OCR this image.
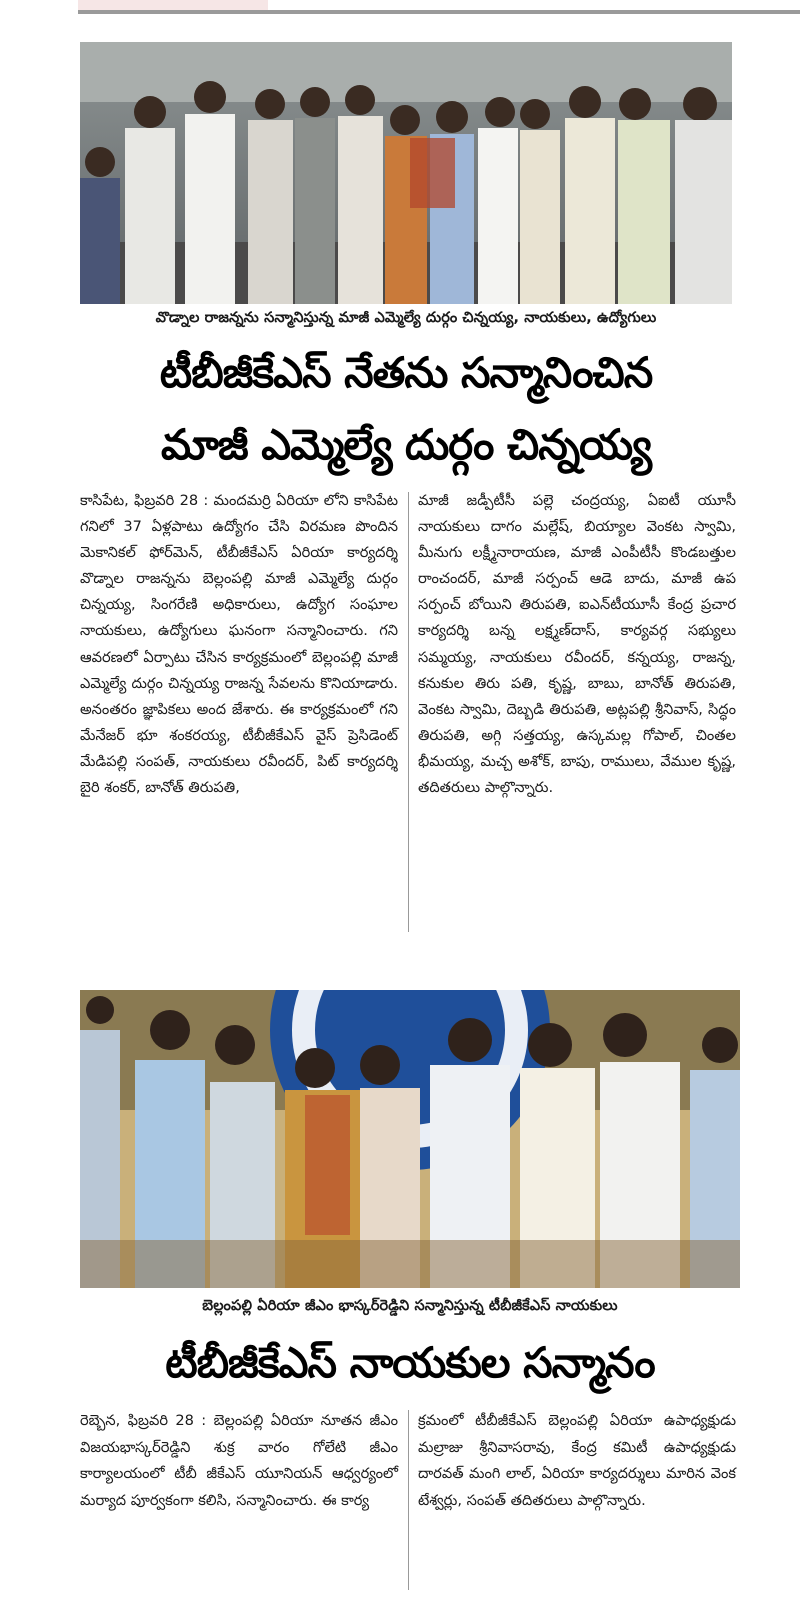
వొడ్నాల రాజన్నను సన్మానిస్తున్న మాజీ ఎమ్మెల్యే దుర్గం చిన్నయ్య, నాయకులు, ఉద్యోగులు
టీబీజీకేఎస్ నేతను సన్మానించిన
మాజీ ఎమ్మెల్యే దుర్గం చిన్నయ్య

కాసిపేట, ఫిబ్రవరి 28 : మందమర్రి ఏరియా లోని కాసిపేట గనిలో 37 ఏళ్లపాటు ఉద్యోగం చేసి విరమణ పొందిన మెకానికల్ ఫోర్‌మెన్, టీబీజీకేఎస్ ఏరియా కార్యదర్శి వొడ్నాల రాజన్నను బెల్లంపల్లి మాజీ ఎమ్మెల్యే దుర్గం చిన్నయ్య, సింగరేణి అధికారులు, ఉద్యోగ సంఘాల నాయకులు, ఉద్యోగులు ఘనంగా సన్మానించారు. గని ఆవరణలో ఏర్పాటు చేసిన కార్యక్రమంలో బెల్లంపల్లి మాజీ ఎమ్మెల్యే దుర్గం చిన్నయ్య రాజన్న సేవలను కొనియాడారు. అనంతరం జ్ఞాపికలు అంద జేశారు. ఈ కార్యక్రమంలో గని మేనేజర్ భూ శంకరయ్య, టీబీజీకేఎస్ వైస్ ప్రెసిడెంట్ మేడిపల్లి సంపత్, నాయకులు రవీందర్, పిట్ కార్యదర్శి బైరి శంకర్, బానోత్ తిరుపతి,

మాజీ జడ్పీటీసీ పల్లె చంద్రయ్య, ఏఐటీ యూసీ నాయకులు దాగం మల్లేష్, బియ్యాల వెంకట స్వామి, మీనుగు లక్ష్మీనారాయణ, మాజీ ఎంపీటీసీ కొండబత్తుల రాంచందర్, మాజీ సర్పంచ్ ఆడె బాదు, మాజీ ఉప సర్పంచ్ బోయిని తిరుపతి, ఐఎన్‌టీయూసీ కేంద్ర ప్రచార కార్యదర్శి బన్న లక్ష్మణ్‌దాస్, కార్యవర్గ సభ్యులు సమ్మయ్య, నాయకులు రవీందర్, కన్నయ్య, రాజన్న, కనుకుల తిరు పతి, కృష్ణ, బాబు, బానోత్ తిరుపతి, వెంకట స్వామి, దెబ్బడి తిరుపతి, అట్లపల్లి శ్రీనివాస్, సిద్ధం తిరుపతి, అగ్గి సత్తయ్య, ఉస్కమల్ల గోపాల్, చింతల భీమయ్య, మచ్చ అశోక్, బాపు, రాములు, వేముల కృష్ణ, తదితరులు పాల్గొన్నారు.

బెల్లంపల్లి ఏరియా జీఎం భాస్కర్‌రెడ్డిని సన్మానిస్తున్న టీబీజీకేఎస్ నాయకులు
టీబీజీకేఎస్ నాయకుల సన్మానం

రెబ్బెన, ఫిబ్రవరి 28 : బెల్లంపల్లి ఏరియా నూతన జీఎం విజయభాస్కర్‌రెడ్డిని శుక్ర వారం గోలేటి జీఎం కార్యాలయంలో టీబీ జీకేఎస్ యూనియన్ ఆధ్వర్యంలో మర్యాద పూర్వకంగా కలిసి, సన్మానించారు. ఈ కార్య

క్రమంలో టీబీజీకేఎస్ బెల్లంపల్లి ఏరియా ఉపాధ్యక్షుడు మల్రాజు శ్రీనివాసరావు, కేంద్ర కమిటీ ఉపాధ్యక్షుడు దారవత్ మంగి లాల్, ఏరియా కార్యదర్శులు మారిన వెంక టేశ్వర్లు, సంపత్ తదితరులు పాల్గొన్నారు.
